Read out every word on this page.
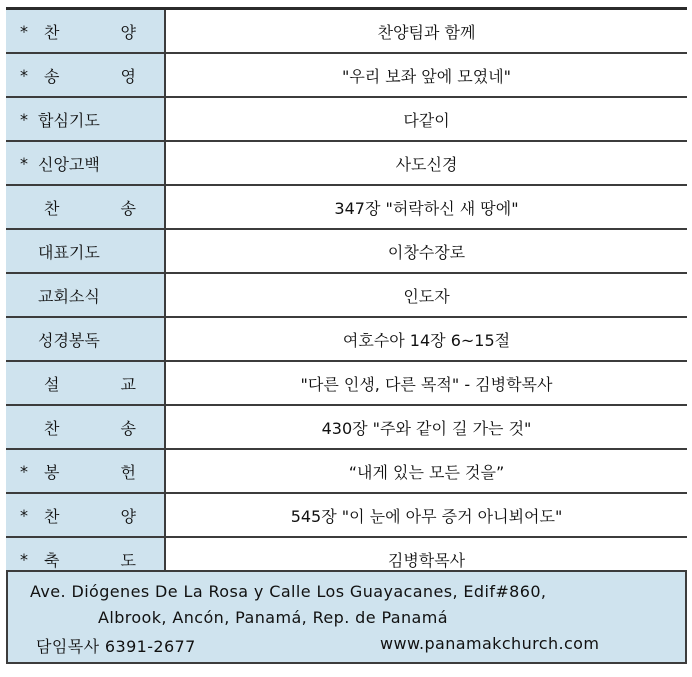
* 찬 양	찬양팀과 함께

* 송 영	"우리 보좌 앞에 모였네"

* 합심기도	다같이

* 신앙고백	사도신경

찬 송	347장 "허락하신 새 땅에"

대표기도	이창수장로

교회소식	인도자

성경봉독	여호수아 14장 6~15절

설 교	"다른 인생, 다른 목적" - 김병학목사

찬 송	430장 "주와 같이 길 가는 것"

* 봉 헌	“내게 있는 모든 것을”

* 찬 양	545장 "이 눈에 아무 증거 아니뵈어도"

* 축 도	김병학목사
Ave. Diógenes De La Rosa y Calle Los Guayacanes, Edif#860,
Albrook, Ancón, Panamá, Rep. de Panamá
담임목사 6391-2677	www.panamakchurch.com
